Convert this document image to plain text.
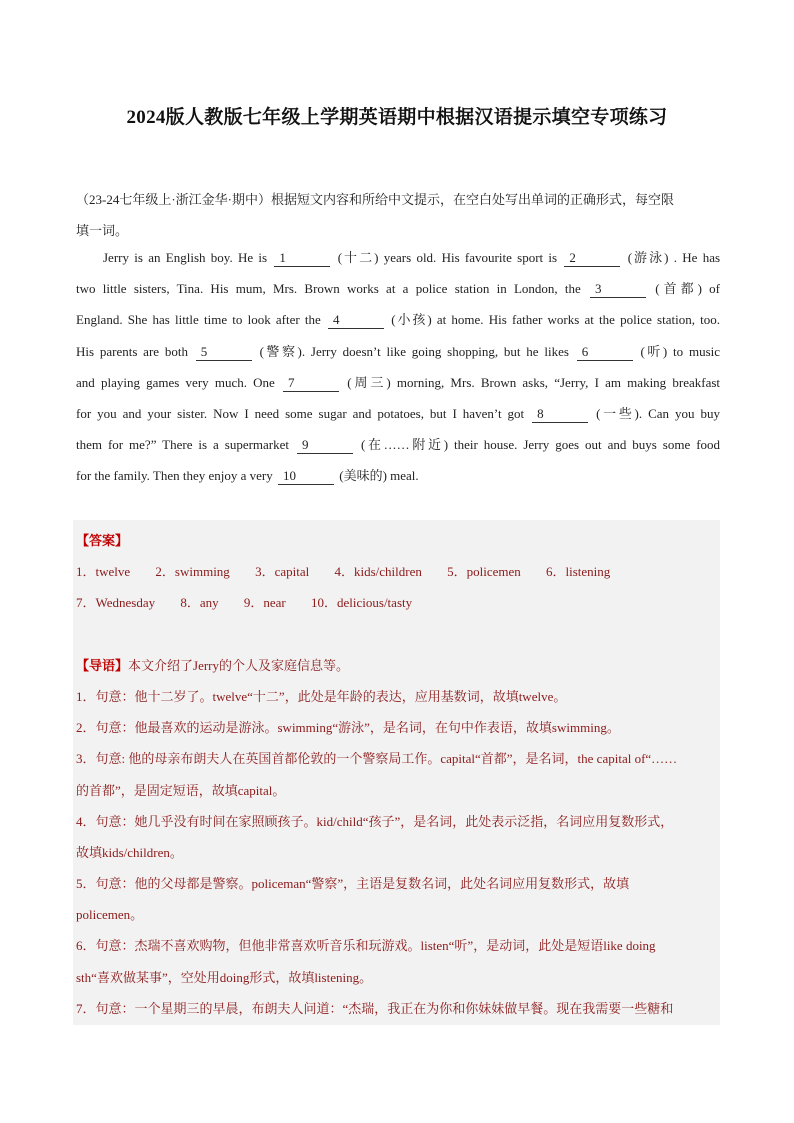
2024版人教版七年级上学期英语期中根据汉语提示填空专项练习

（23-24七年级上·浙江金华·期中）根据短文内容和所给中文提示，在空白处写出单词的正确形式，每空限

填一词。

Jerry is an English boy. He is 1	(十二) years old. His favourite sport is 2	(游泳) . He has
two little sisters, Tina. His mum, Mrs. Brown works at a police station in London, the 3	(首都) of
England. She has little time to look after the 4	(小孩) at home. His father works at the police station, too.
His parents are both 5	(警察). Jerry doesn’t like going shopping, but he likes 6	(听) to music
and playing games very much. One 7	(周三) morning, Mrs. Brown asks, “Jerry, I am making breakfast
for you and your sister. Now I need some sugar and potatoes, but I haven’t got 8	(一些). Can you buy
them for me?” There is a supermarket 9	(在……附近) their house. Jerry goes out and buys some food
for the family. Then they enjoy a very 10	(美味的) meal.
【答案】
1．twelve 2．swimming 3．capital 4．kids/children 5．policemen 6．listening
7．Wednesday 8．any 9．near 10．delicious/tasty
【导语】本文介绍了Jerry的个人及家庭信息等。
1．句意：他十二岁了。twelve“十二”，此处是年龄的表达，应用基数词，故填twelve。
2．句意：他最喜欢的运动是游泳。swimming“游泳”，是名词，在句中作表语，故填swimming。
3．句意: 他的母亲布朗夫人在英国首都伦敦的一个警察局工作。capital“首都”，是名词，the capital of“……
的首都”，是固定短语，故填capital。
4．句意：她几乎没有时间在家照顾孩子。kid/child“孩子”，是名词，此处表示泛指，名词应用复数形式，
故填kids/children。
5．句意：他的父母都是警察。policeman“警察”，主语是复数名词，此处名词应用复数形式，故填
policemen。
6．句意：杰瑞不喜欢购物，但他非常喜欢听音乐和玩游戏。listen“听”，是动词，此处是短语like doing
sth“喜欢做某事”，空处用doing形式，故填listening。
7．句意：一个星期三的早晨，布朗夫人问道：“杰瑞，我正在为你和你妹妹做早餐。现在我需要一些糖和
